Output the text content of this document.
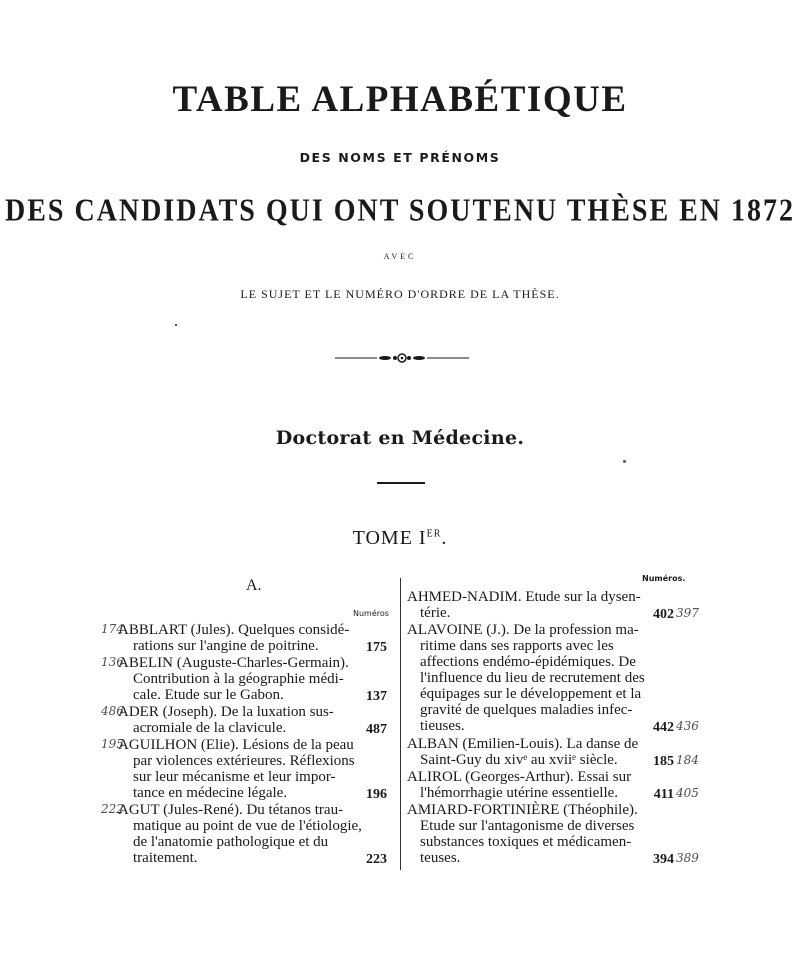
TABLE ALPHABÉTIQUE
DES NOMS ET PRÉNOMS
DES CANDIDATS QUI ONT SOUTENU THÈSE EN 1872
AVEC
LE SUJET ET LE NUMÉRO D'ORDRE DE LA THÈSE.
Doctorat en Médecine.
TOME IER.
A.
Numéros
Numéros.
174
ABBLART (Jules). Quelques considé-
rations sur l'angine de poitrine.	175
136
ABELIN (Auguste-Charles-Germain).
Contribution à la géographie médi-
cale. Etude sur le Gabon.	137
486
ADER (Joseph). De la luxation sus-
acromiale de la clavicule.	487
195
AGUILHON (Elie). Lésions de la peau
par violences extérieures. Réflexions
sur leur mécanisme et leur impor-
tance en médecine légale.	196
222
AGUT (Jules-René). Du tétanos trau-
matique au point de vue de l'étiologie,
de l'anatomie pathologique et du
traitement.	223
AHMED-NADIM. Etude sur la dysen-
térie.	402 397
ALAVOINE (J.). De la profession ma-
ritime dans ses rapports avec les
affections endémo-épidémiques. De
l'influence du lieu de recrutement des
équipages sur le développement et la
gravité de quelques maladies infec-
tieuses.	442 436
ALBAN (Emilien-Louis). La danse de
Saint-Guy du xivᵉ au xviiᵉ siècle.	185 184
ALIROL (Georges-Arthur). Essai sur
l'hémorrhagie utérine essentielle.	411 405
AMIARD-FORTINIÈRE (Théophile).
Etude sur l'antagonisme de diverses
substances toxiques et médicamen-
teuses.	394 389
